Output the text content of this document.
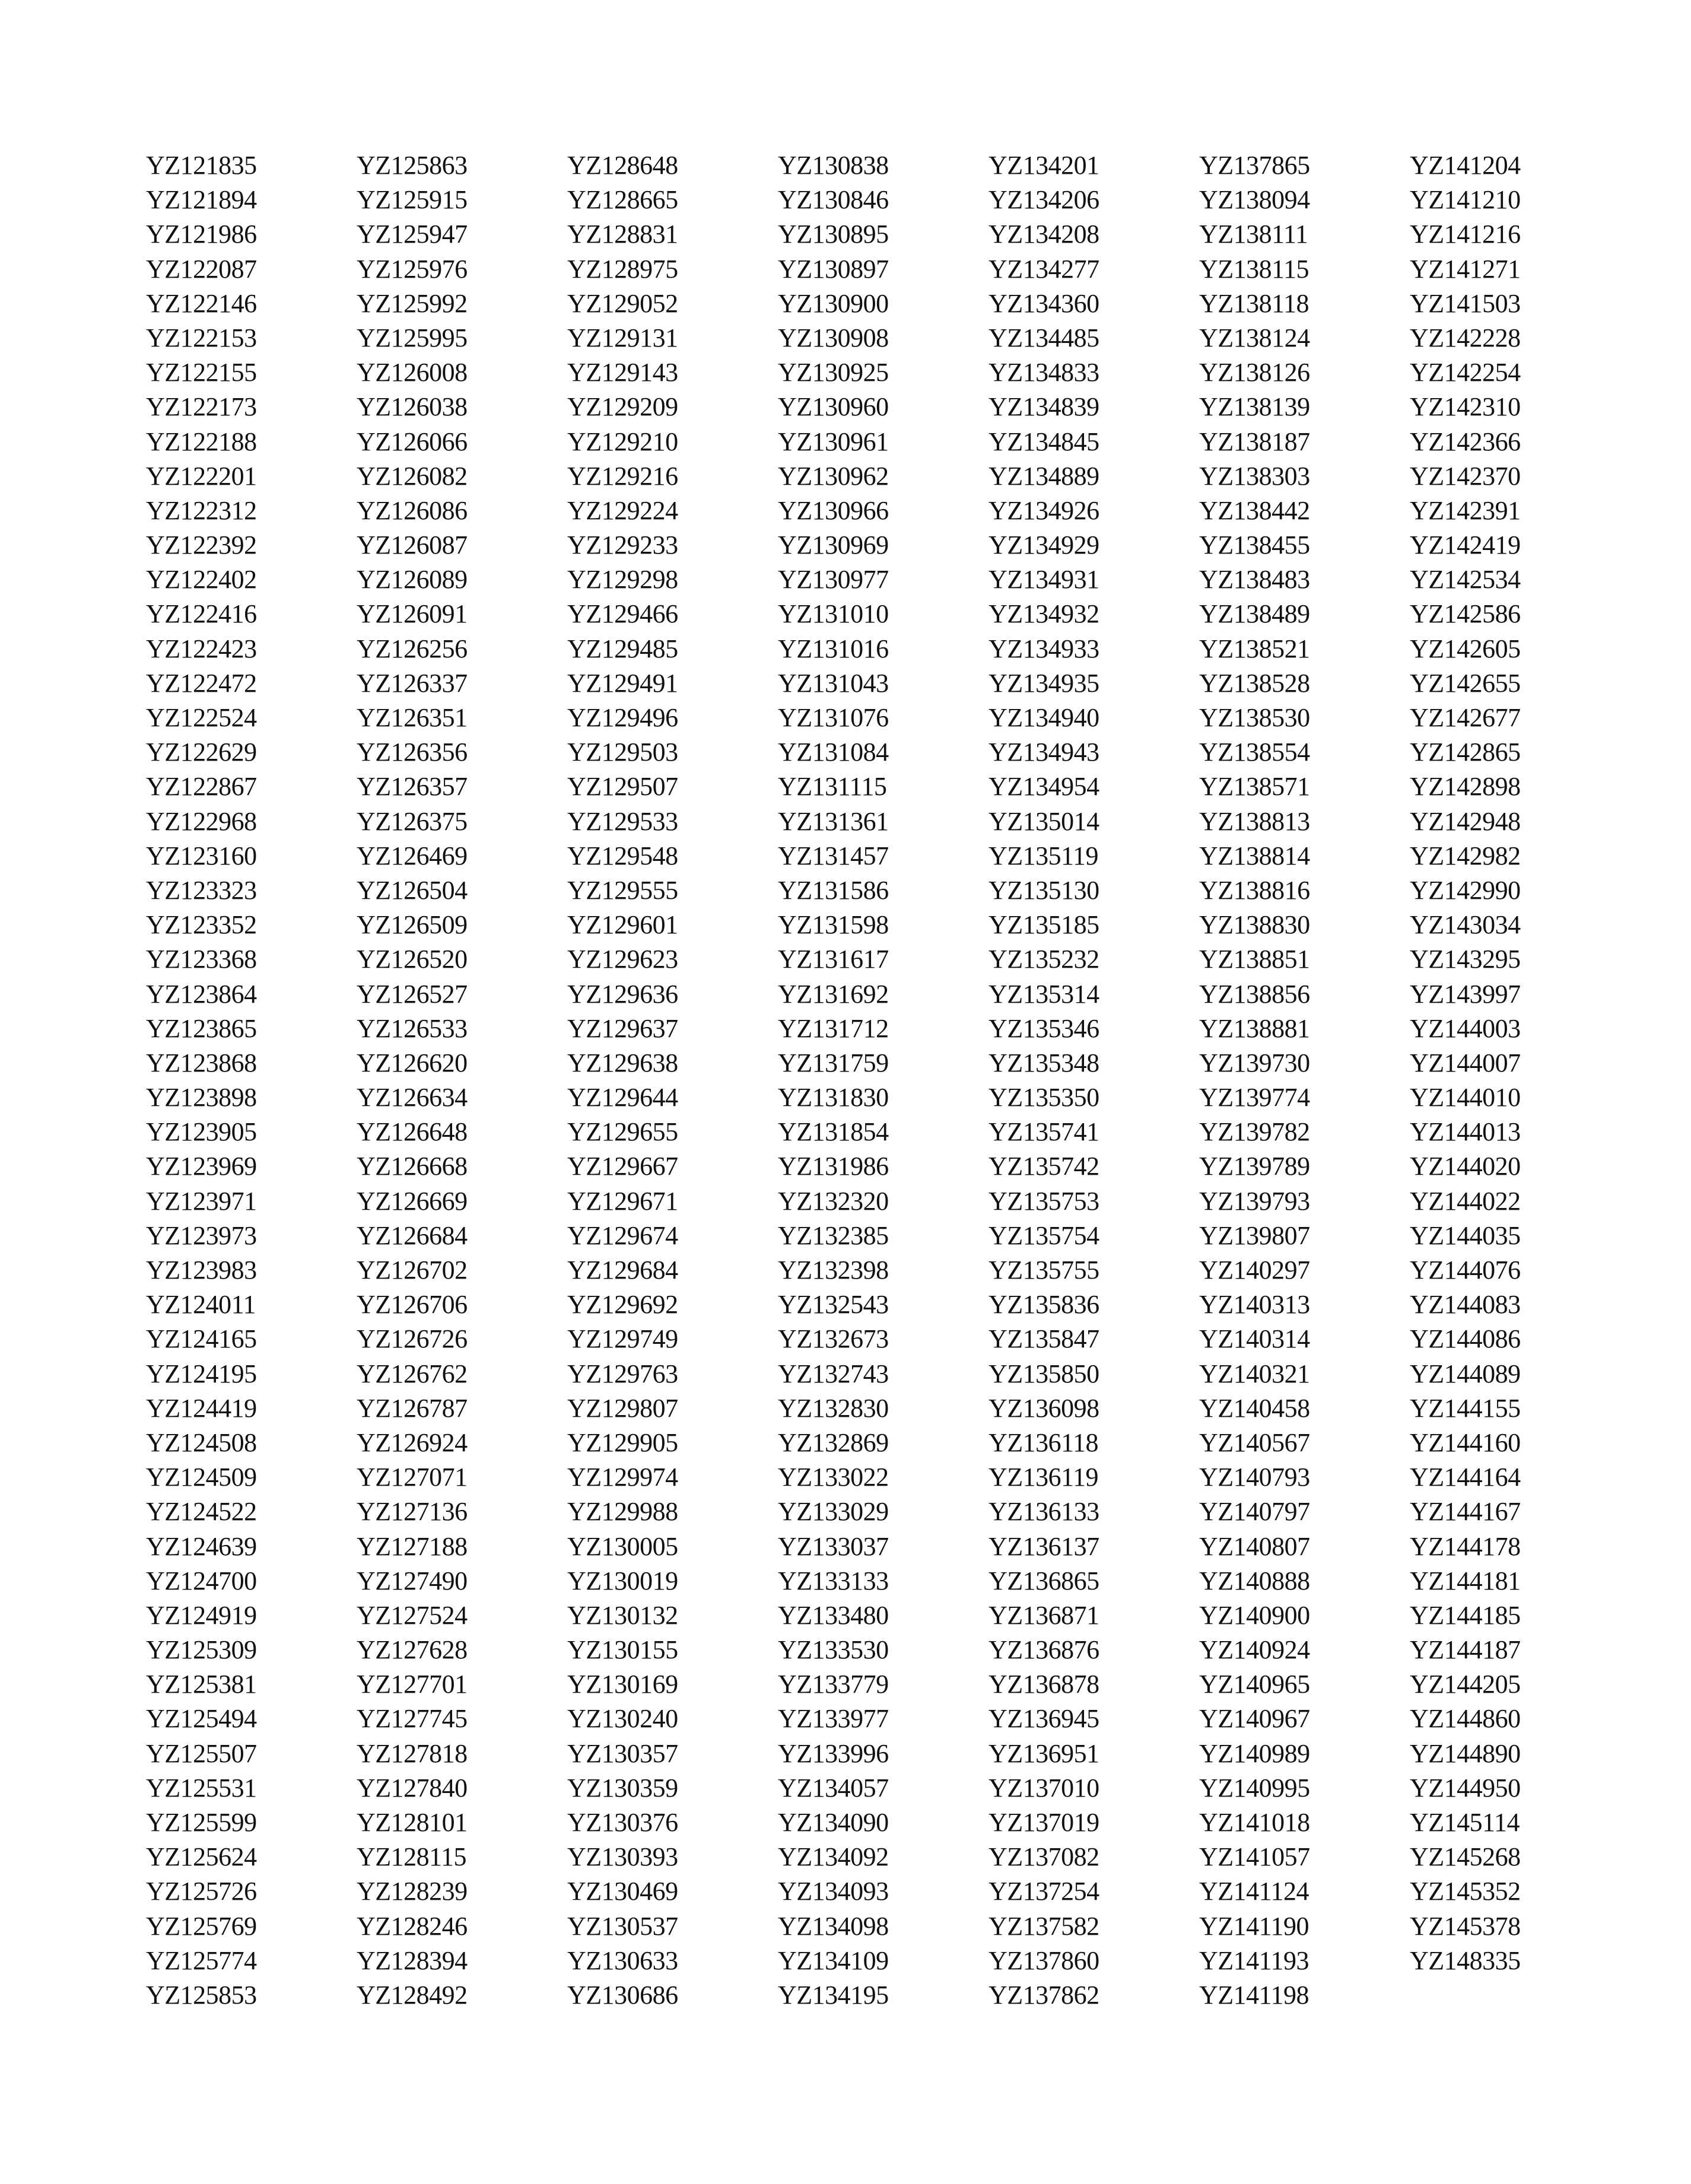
YZ121835
YZ121894
YZ121986
YZ122087
YZ122146
YZ122153
YZ122155
YZ122173
YZ122188
YZ122201
YZ122312
YZ122392
YZ122402
YZ122416
YZ122423
YZ122472
YZ122524
YZ122629
YZ122867
YZ122968
YZ123160
YZ123323
YZ123352
YZ123368
YZ123864
YZ123865
YZ123868
YZ123898
YZ123905
YZ123969
YZ123971
YZ123973
YZ123983
YZ124011
YZ124165
YZ124195
YZ124419
YZ124508
YZ124509
YZ124522
YZ124639
YZ124700
YZ124919
YZ125309
YZ125381
YZ125494
YZ125507
YZ125531
YZ125599
YZ125624
YZ125726
YZ125769
YZ125774
YZ125853
YZ125863
YZ125915
YZ125947
YZ125976
YZ125992
YZ125995
YZ126008
YZ126038
YZ126066
YZ126082
YZ126086
YZ126087
YZ126089
YZ126091
YZ126256
YZ126337
YZ126351
YZ126356
YZ126357
YZ126375
YZ126469
YZ126504
YZ126509
YZ126520
YZ126527
YZ126533
YZ126620
YZ126634
YZ126648
YZ126668
YZ126669
YZ126684
YZ126702
YZ126706
YZ126726
YZ126762
YZ126787
YZ126924
YZ127071
YZ127136
YZ127188
YZ127490
YZ127524
YZ127628
YZ127701
YZ127745
YZ127818
YZ127840
YZ128101
YZ128115
YZ128239
YZ128246
YZ128394
YZ128492
YZ128648
YZ128665
YZ128831
YZ128975
YZ129052
YZ129131
YZ129143
YZ129209
YZ129210
YZ129216
YZ129224
YZ129233
YZ129298
YZ129466
YZ129485
YZ129491
YZ129496
YZ129503
YZ129507
YZ129533
YZ129548
YZ129555
YZ129601
YZ129623
YZ129636
YZ129637
YZ129638
YZ129644
YZ129655
YZ129667
YZ129671
YZ129674
YZ129684
YZ129692
YZ129749
YZ129763
YZ129807
YZ129905
YZ129974
YZ129988
YZ130005
YZ130019
YZ130132
YZ130155
YZ130169
YZ130240
YZ130357
YZ130359
YZ130376
YZ130393
YZ130469
YZ130537
YZ130633
YZ130686
YZ130838
YZ130846
YZ130895
YZ130897
YZ130900
YZ130908
YZ130925
YZ130960
YZ130961
YZ130962
YZ130966
YZ130969
YZ130977
YZ131010
YZ131016
YZ131043
YZ131076
YZ131084
YZ131115
YZ131361
YZ131457
YZ131586
YZ131598
YZ131617
YZ131692
YZ131712
YZ131759
YZ131830
YZ131854
YZ131986
YZ132320
YZ132385
YZ132398
YZ132543
YZ132673
YZ132743
YZ132830
YZ132869
YZ133022
YZ133029
YZ133037
YZ133133
YZ133480
YZ133530
YZ133779
YZ133977
YZ133996
YZ134057
YZ134090
YZ134092
YZ134093
YZ134098
YZ134109
YZ134195
YZ134201
YZ134206
YZ134208
YZ134277
YZ134360
YZ134485
YZ134833
YZ134839
YZ134845
YZ134889
YZ134926
YZ134929
YZ134931
YZ134932
YZ134933
YZ134935
YZ134940
YZ134943
YZ134954
YZ135014
YZ135119
YZ135130
YZ135185
YZ135232
YZ135314
YZ135346
YZ135348
YZ135350
YZ135741
YZ135742
YZ135753
YZ135754
YZ135755
YZ135836
YZ135847
YZ135850
YZ136098
YZ136118
YZ136119
YZ136133
YZ136137
YZ136865
YZ136871
YZ136876
YZ136878
YZ136945
YZ136951
YZ137010
YZ137019
YZ137082
YZ137254
YZ137582
YZ137860
YZ137862
YZ137865
YZ138094
YZ138111
YZ138115
YZ138118
YZ138124
YZ138126
YZ138139
YZ138187
YZ138303
YZ138442
YZ138455
YZ138483
YZ138489
YZ138521
YZ138528
YZ138530
YZ138554
YZ138571
YZ138813
YZ138814
YZ138816
YZ138830
YZ138851
YZ138856
YZ138881
YZ139730
YZ139774
YZ139782
YZ139789
YZ139793
YZ139807
YZ140297
YZ140313
YZ140314
YZ140321
YZ140458
YZ140567
YZ140793
YZ140797
YZ140807
YZ140888
YZ140900
YZ140924
YZ140965
YZ140967
YZ140989
YZ140995
YZ141018
YZ141057
YZ141124
YZ141190
YZ141193
YZ141198
YZ141204
YZ141210
YZ141216
YZ141271
YZ141503
YZ142228
YZ142254
YZ142310
YZ142366
YZ142370
YZ142391
YZ142419
YZ142534
YZ142586
YZ142605
YZ142655
YZ142677
YZ142865
YZ142898
YZ142948
YZ142982
YZ142990
YZ143034
YZ143295
YZ143997
YZ144003
YZ144007
YZ144010
YZ144013
YZ144020
YZ144022
YZ144035
YZ144076
YZ144083
YZ144086
YZ144089
YZ144155
YZ144160
YZ144164
YZ144167
YZ144178
YZ144181
YZ144185
YZ144187
YZ144205
YZ144860
YZ144890
YZ144950
YZ145114
YZ145268
YZ145352
YZ145378
YZ148335
